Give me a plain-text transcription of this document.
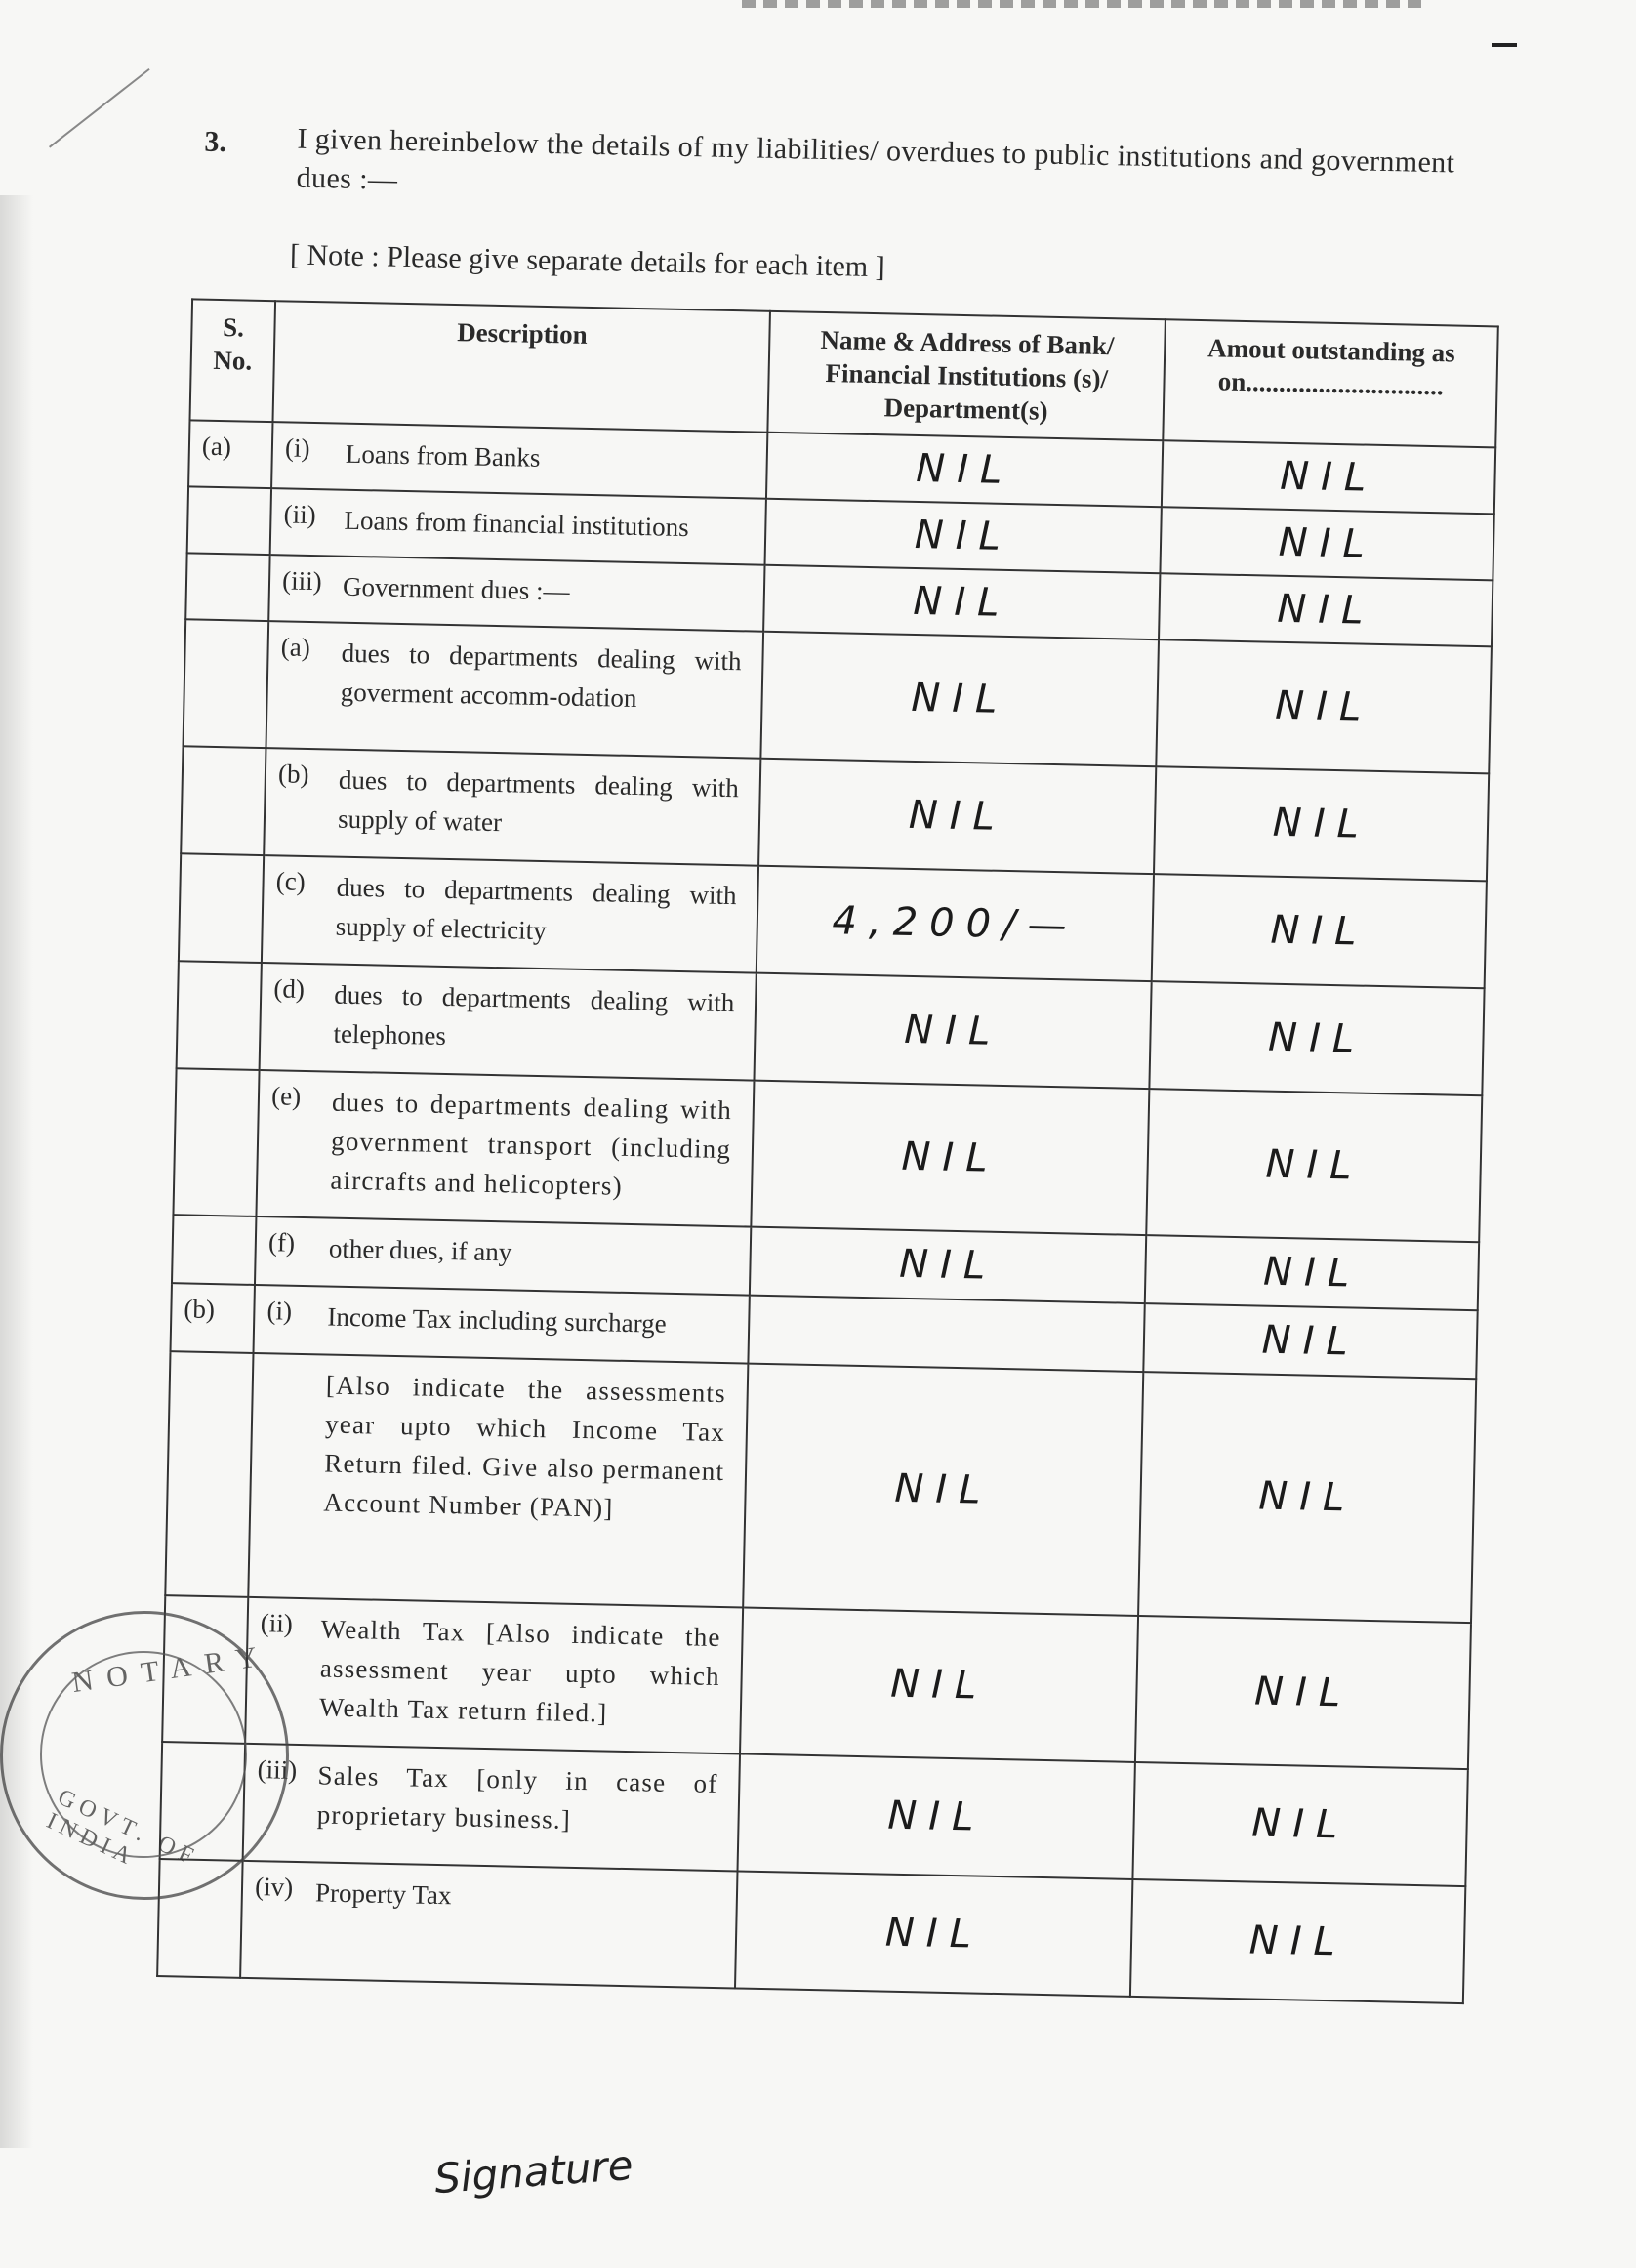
3. I given hereinbelow the details of my liabilities/ overdues to public institutions and government dues :—
[ Note : Please give separate details for each item ]
S. No.	Description	Name & Address of Bank/ Financial Institutions (s)/ Department(s)	Amout outstanding as on..............................
(a)	(i) Loans from Banks	NIL	NIL
	(ii) Loans from financial institutions	NIL	NIL
	(iii) Government dues :—	NIL	NIL
	(a) dues to departments dealing with goverment accomm-odation	NIL	NIL
	(b) dues to departments dealing with supply of water	NIL	NIL
	(c) dues to departments dealing with supply of electricity	4,200/—	NIL
	(d) dues to departments dealing with telephones	NIL	NIL
	(e) dues to departments dealing with government transport (including aircrafts and helicopters)	NIL	NIL
	(f) other dues, if any	NIL	NIL
(b)	(i) Income Tax including surcharge		NIL
	[Also indicate the assessments year upto which Income Tax Return filed. Give also permanent Account Number (PAN)]	NIL	NIL
	(ii) Wealth Tax [Also indicate the assessment year upto which Wealth Tax return filed.]	NIL	NIL
	(iii) Sales Tax [only in case of proprietary business.]	NIL	NIL
	(iv) Property Tax	NIL	NIL
NOTARY
GOVT. OF INDIA
Signature
